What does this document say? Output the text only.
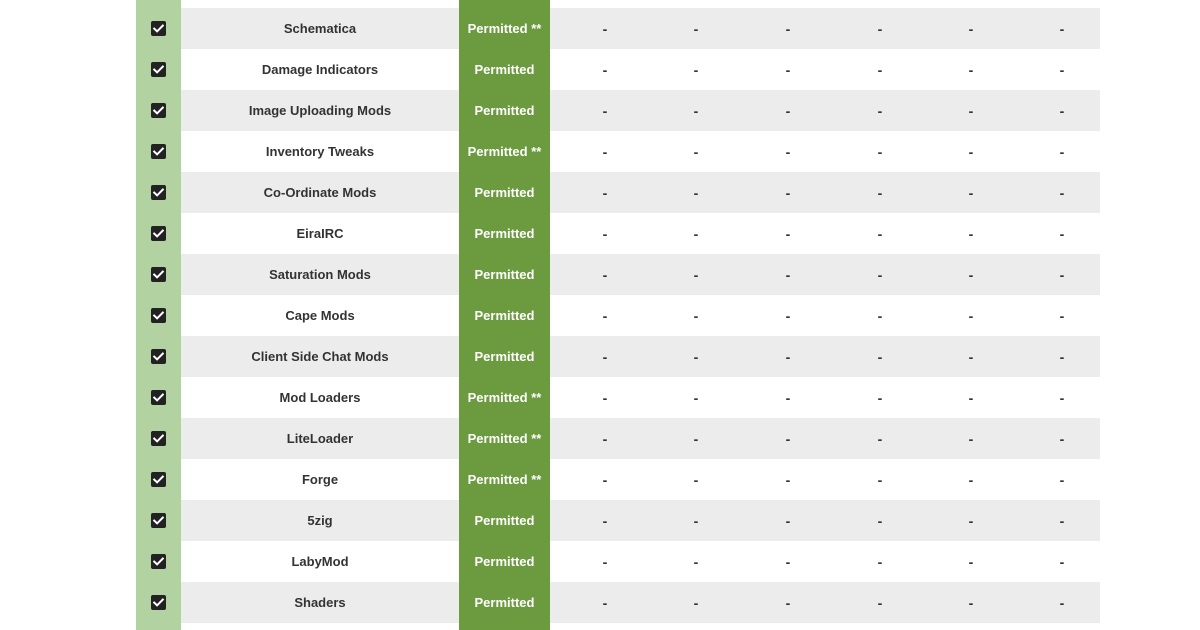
Schematica	Permitted **	-	-	-	-	-	-
Damage Indicators	Permitted	-	-	-	-	-	-
Image Uploading Mods	Permitted	-	-	-	-	-	-
Inventory Tweaks	Permitted **	-	-	-	-	-	-
Co-Ordinate Mods	Permitted	-	-	-	-	-	-
EiraIRC	Permitted	-	-	-	-	-	-
Saturation Mods	Permitted	-	-	-	-	-	-
Cape Mods	Permitted	-	-	-	-	-	-
Client Side Chat Mods	Permitted	-	-	-	-	-	-
Mod Loaders	Permitted **	-	-	-	-	-	-
LiteLoader	Permitted **	-	-	-	-	-	-
Forge	Permitted **	-	-	-	-	-	-
5zig	Permitted	-	-	-	-	-	-
LabyMod	Permitted	-	-	-	-	-	-
Shaders	Permitted	-	-	-	-	-	-
